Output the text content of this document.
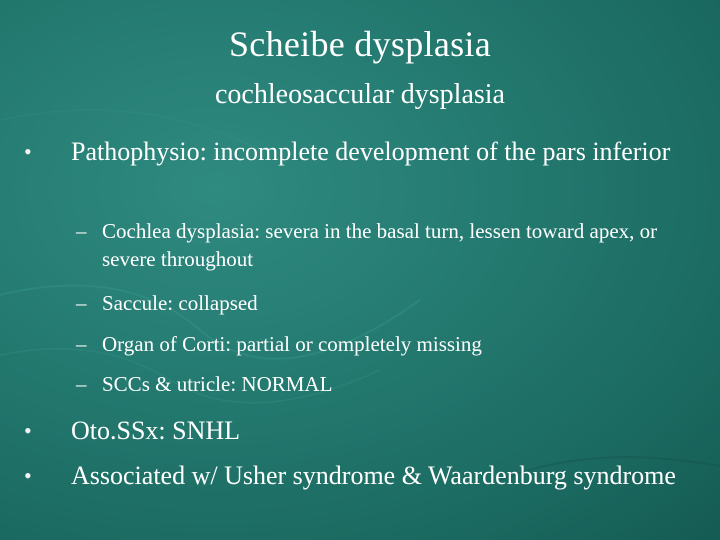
Scheibe dysplasia
cochleosaccular dysplasia
•	Pathophysio: incomplete development of the pars inferior
– Cochlea dysplasia: severa in the basal turn, lessen toward apex, or severe throughout
– Saccule: collapsed
– Organ of Corti: partial or completely missing
– SCCs & utricle: NORMAL
•	Oto.SSx: SNHL
•	Associated w/ Usher syndrome & Waardenburg syndrome
